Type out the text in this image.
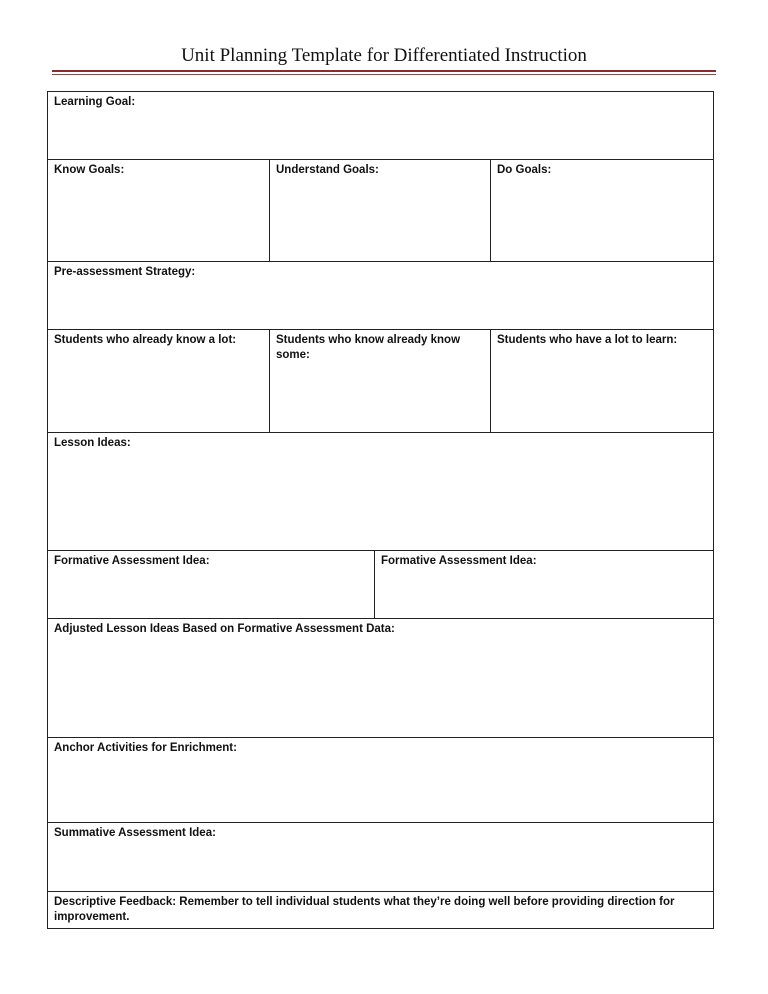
Unit Planning Template for Differentiated Instruction
Learning Goal:			
Know Goals:	Understand Goals:		Do Goals:
Pre-assessment Strategy:			
Students who already know a lot:	Students who know already know some:		Students who have a lot to learn:
Lesson Ideas:			
Formative Assessment Idea:		Formative Assessment Idea:	
Adjusted Lesson Ideas Based on Formative Assessment Data:			
Anchor Activities for Enrichment:			
Summative Assessment Idea:			
Descriptive Feedback: Remember to tell individual students what they’re doing well before providing direction for improvement.			
